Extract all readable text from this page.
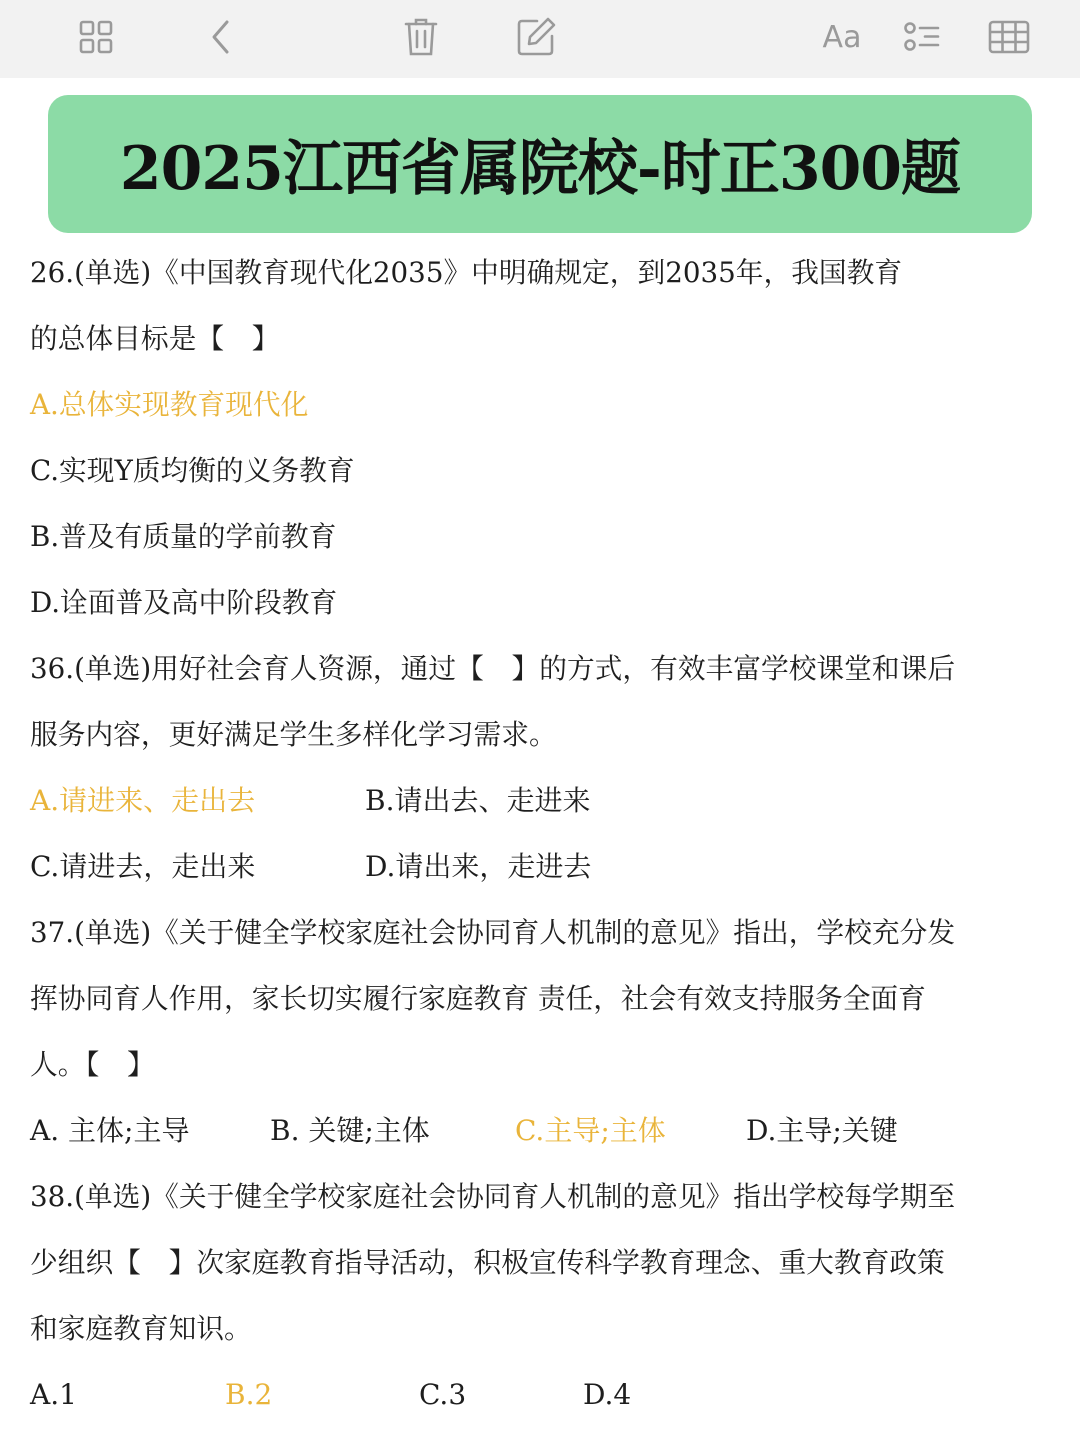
Aa
2025江西省属院校-时正300题
26.(单选)《中国教育现代化2035》中明确规定，到2035年，我国教育
的总体目标是【　】
A.总体实现教育现代化
C.实现Y质均衡的义务教育
B.普及有质量的学前教育
D.诠面普及高中阶段教育
36.(单选)用好社会育人资源，通过【　】的方式，有效丰富学校课堂和课后
服务内容，更好满足学生多样化学习需求。
A.请进来、走出去	B.请出去、走进来
C.请进去，走出来	D.请出来，走进去
37.(单选)《关于健全学校家庭社会协同育人机制的意见》指出，学校充分发
挥协同育人作用，家长切实履行家庭教育 责任，社会有效支持服务全面育
人。【　】
A. 主体;主导	B. 关键;主体	C.主导;主体	D.主导;关键
38.(单选)《关于健全学校家庭社会协同育人机制的意见》指出学校每学期至
少组织【　】次家庭教育指导活动，积极宣传科学教育理念、重大教育政策
和家庭教育知识。
A.1	B.2	C.3	D.4
